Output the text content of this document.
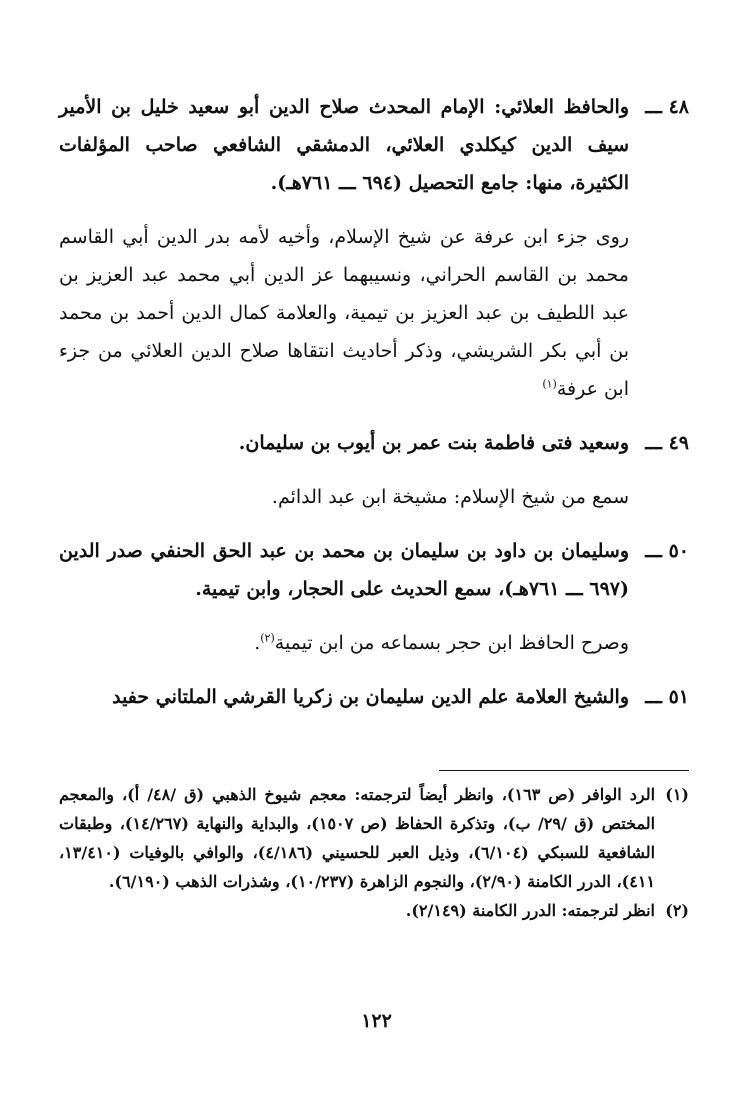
٤٨ ـــ
والحافظ العلائي: الإمام المحدث صلاح الدين أبو سعيد خليل بن الأمير سيف الدين كيكلدي العلائي، الدمشقي الشافعي صاحب المؤلفات الكثيرة، منها: جامع التحصيل (٦٩٤ ـــ ٧٦١هـ).

روى جزء ابن عرفة عن شيخ الإسلام، وأخيه لأمه بدر الدين أبي القاسم محمد بن القاسم الحراني، ونسيبهما عز الدين أبي محمد عبد العزيز بن عبد اللطيف بن عبد العزيز بن تيمية، والعلامة كمال الدين أحمد بن محمد بن أبي بكر الشريشي، وذكر أحاديث انتقاها صلاح الدين العلائي من جزء ابن عرفة$^{(١)}$

٤٩ ـــ
وسعيد فتى فاطمة بنت عمر بن أيوب بن سليمان.

سمع من شيخ الإسلام: مشيخة ابن عبد الدائم.

٥٠ ـــ
وسليمان بن داود بن سليمان بن محمد بن عبد الحق الحنفي صدر الدين (٦٩٧ ـــ ٧٦١هـ)، سمع الحديث على الحجار، وابن تيمية.

وصرح الحافظ ابن حجر بسماعه من ابن تيمية$^{(٢)}$.

٥١ ـــ
والشيخ العلامة علم الدين سليمان بن زكريا القرشي الملتاني حفيد
(١)
الرد الوافر (ص ١٦٣)، وانظر أيضاً لترجمته: معجم شيوخ الذهبي (ق /٤٨/ أ)، والمعجم المختص (ق /٢٩/ ب)، وتذكرة الحفاظ (ص ١٥٠٧)، والبداية والنهاية (١٤/٢٦٧)، وطبقات الشافعية للسبكي (٦/١٠٤)، وذيل العبر للحسيني (٤/١٨٦)، والوافي بالوفيات (١٣/٤١٠، ٤١١)، الدرر الكامنة (٢/٩٠)، والنجوم الزاهرة (١٠/٢٣٧)، وشذرات الذهب (٦/١٩٠).
(٢)
انظر لترجمته: الدرر الكامنة (٢/١٤٩).
١٢٢
